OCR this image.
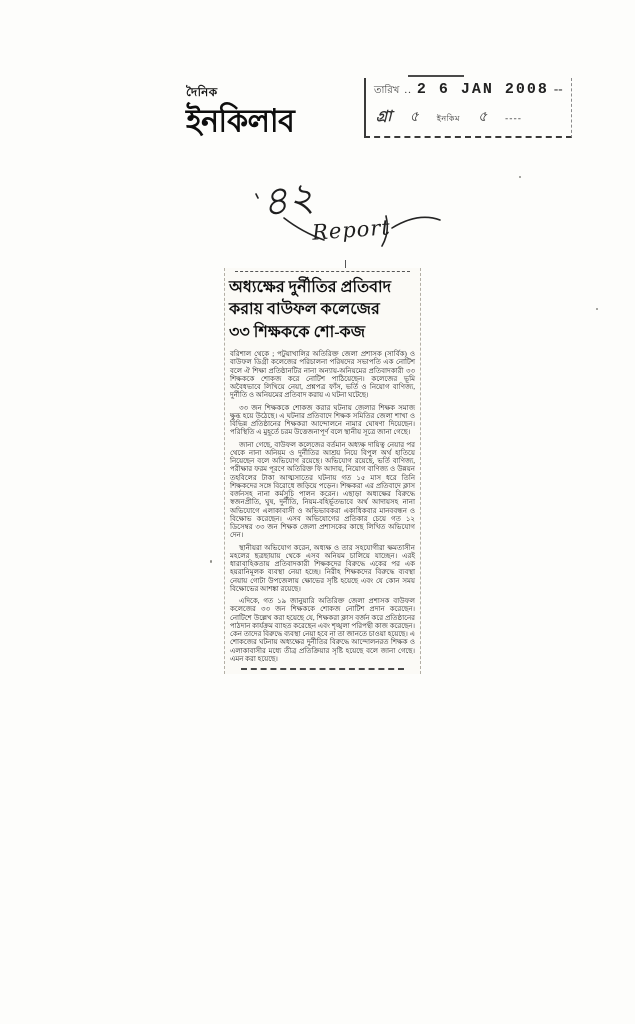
দৈনিক
ইনকিলাব
তারিখ .. 2 6 JAN 2008 --
গ্রা ৫ ইনকিম ৫ ----
৪২
Report
অধ্যক্ষের দুর্নীতির প্রতিবাদ
করায় বাউফল কলেজের
৩৩ শিক্ষককে শো-কজ

বরিশাল থেকে ; পটুয়াখালির অতিরিক্ত জেলা প্রশাসক (সার্বিক) ও বাউফল ডিগ্রী কলেজের পরিচালনা পরিষদের সভাপতি এক নোটিশ বলে ঐ শিক্ষা প্রতিষ্ঠানটির নানা অন্যায়-অনিয়মের প্রতিবাদকারী ৩৩ শিক্ষককে শোকজ করে নোটিশ পাঠিয়েছেন। কলেজের ভূমি অবৈধভাবে লিখিয়ে নেয়া, প্রশ্নপত্র ফাঁস, ভর্তি ও নিয়োগ বাণিজ্য, দুর্নীতি ও অনিয়মের প্রতিবাদ করায় এ ঘটনা ঘটেছে।

৩৩ জন শিক্ষককে শোকজ করার ঘটনায় জেলার শিক্ষক সমাজ ক্ষুব্ধ হয়ে উঠেছে। এ ঘটনার প্রতিবাদে শিক্ষক সমিতির জেলা শাখা ও বিভিন্ন প্রতিষ্ঠানের শিক্ষকরা আন্দোলনে নামার ঘোষণা দিয়েছেন। পরিস্থিতি এ মুহূর্তে চরম উত্তেজনাপূর্ণ বলে স্থানীয় সূত্রে জানা গেছে।

জানা গেছে, বাউফল কলেজের বর্তমান অধ্যক্ষ দায়িত্ব নেয়ার পর থেকে নানা অনিয়ম ও দুর্নীতির আশ্রয় নিয়ে বিপুল অর্থ হাতিয়ে নিয়েছেন বলে অভিযোগ রয়েছে। অভিযোগ রয়েছে, ভর্তি বাণিজ্য, পরীক্ষার ফরম পূরণে অতিরিক্ত ফি আদায়, নিয়োগ বাণিজ্য ও উন্নয়ন তহবিলের টাকা আত্মসাতের ঘটনায় গত ১৫ মাস ধরে তিনি শিক্ষকদের সঙ্গে বিরোধে জড়িয়ে পড়েন। শিক্ষকরা এর প্রতিবাদে ক্লাস বর্জনসহ নানা কর্মসূচি পালন করেন। এছাড়া অধ্যক্ষের বিরুদ্ধে স্বজনপ্রীতি, ঘুষ, দুর্নীতি, নিয়ম-বহির্ভূতভাবে অর্থ আদায়সহ নানা অভিযোগে এলাকাবাসী ও অভিভাবকরা একাধিকবার মানববন্ধন ও বিক্ষোভ করেছেন। এসব অভিযোগের প্রতিকার চেয়ে গত ১২ ডিসেম্বর ৩৩ জন শিক্ষক জেলা প্রশাসকের কাছে লিখিত অভিযোগ দেন।

স্থানীয়রা অভিযোগ করেন, অধ্যক্ষ ও তার সহযোগীরা ক্ষমতাসীন মহলের ছত্রছায়ায় থেকে এসব অনিয়ম চালিয়ে যাচ্ছেন। এরই ধারাবাহিকতায় প্রতিবাদকারী শিক্ষকদের বিরুদ্ধে একের পর এক হয়রানিমূলক ব্যবস্থা নেয়া হচ্ছে। নিরীহ শিক্ষকদের বিরুদ্ধে ব্যবস্থা নেয়ায় গোটা উপজেলায় ক্ষোভের সৃষ্টি হয়েছে এবং যে কোন সময় বিক্ষোভের আশঙ্কা রয়েছে।

এদিকে, গত ১৯ জানুয়ারি অতিরিক্ত জেলা প্রশাসক বাউফল কলেজের ৩৩ জন শিক্ষককে শোকজ নোটিশ প্রদান করেছেন। নোটিশে উল্লেখ করা হয়েছে যে, শিক্ষকরা ক্লাস বর্জন করে প্রতিষ্ঠানের পাঠদান কার্যক্রম ব্যাহত করেছেন এবং শৃঙ্খলা পরিপন্থী কাজ করেছেন। কেন তাদের বিরুদ্ধে ব্যবস্থা নেয়া হবে না তা জানতে চাওয়া হয়েছে। এ শোকজের ঘটনায় অধ্যক্ষের দুর্নীতির বিরুদ্ধে আন্দোলনরত শিক্ষক ও এলাকাবাসীর মধ্যে তীব্র প্রতিক্রিয়ার সৃষ্টি হয়েছে বলে জানা গেছে। এমন করা হয়েছে।
